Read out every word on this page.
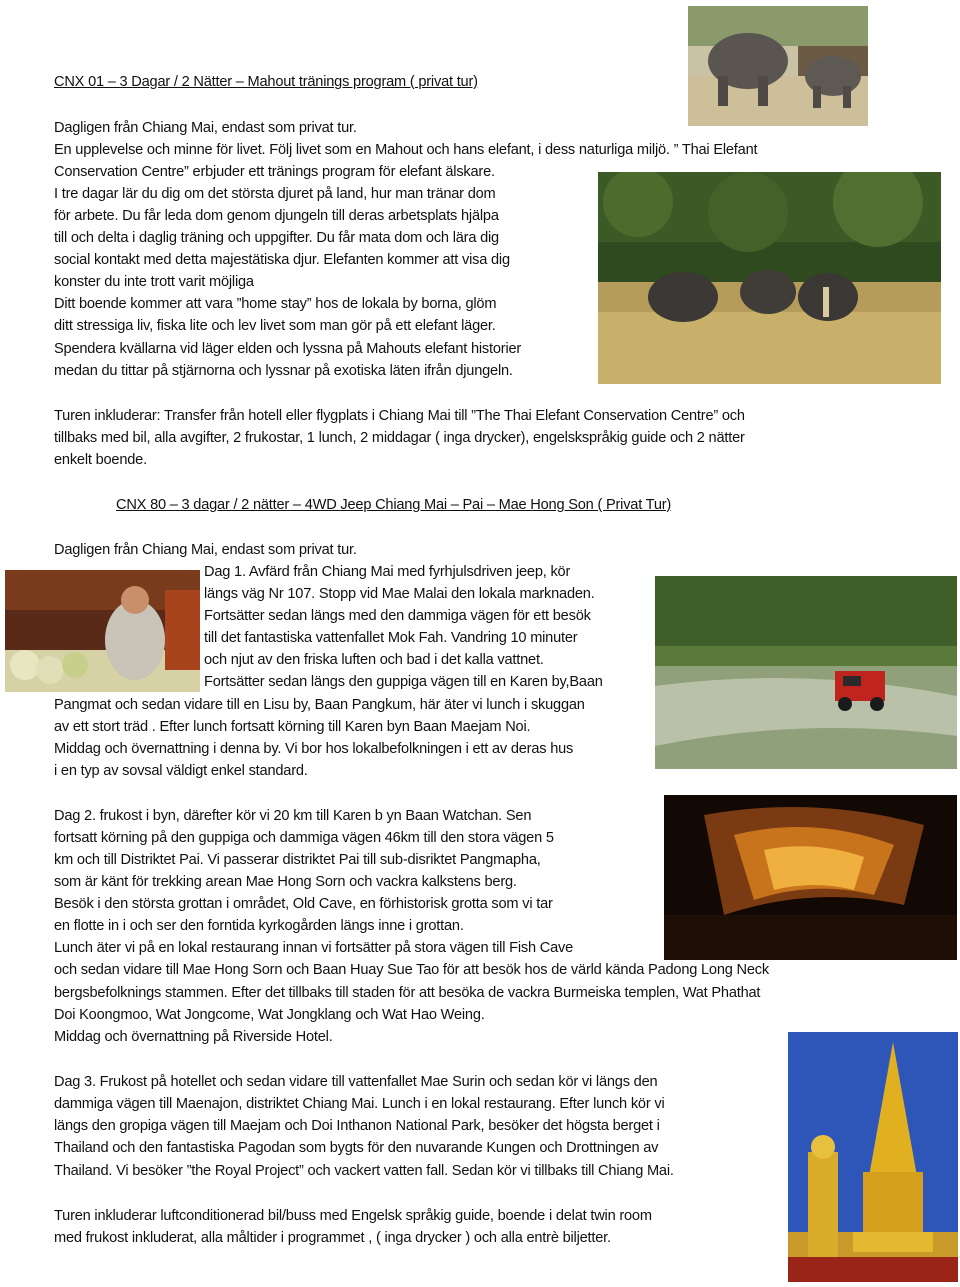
CNX 01 – 3 Dagar / 2 Nätter – Mahout tränings program ( privat tur)
Dagligen från Chiang Mai, endast som privat tur.
En upplevelse och minne för livet. Följ livet som en Mahout och hans elefant, i dess naturliga miljö. ” Thai Elefant
Conservation Centre” erbjuder ett tränings program för elefant älskare.
I tre dagar lär du dig om det största djuret på land, hur man tränar dom
för arbete. Du får leda dom genom djungeln till deras arbetsplats hjälpa
till och delta i daglig träning och uppgifter. Du får mata dom och lära dig
social kontakt med detta majestätiska djur. Elefanten kommer att visa dig
konster du inte trott varit möjliga
Ditt boende kommer att vara ”home stay” hos de lokala by borna, glöm
ditt stressiga liv, fiska lite och lev livet som man gör på ett elefant läger.
Spendera kvällarna vid läger elden och lyssna på Mahouts elefant historier
medan du tittar på stjärnorna och lyssnar på exotiska läten ifrån djungeln.
Turen inkluderar: Transfer från hotell eller flygplats i Chiang Mai till ”The Thai Elefant Conservation Centre” och
tillbaks med bil, alla avgifter, 2 frukostar, 1 lunch, 2 middagar ( inga drycker), engelskspråkig guide och 2 nätter
enkelt boende.
CNX 80 – 3 dagar / 2 nätter – 4WD Jeep Chiang Mai – Pai – Mae Hong Son ( Privat Tur)
Dagligen från Chiang Mai, endast som privat tur.
Dag 1. Avfärd från Chiang Mai med fyrhjulsdriven jeep, kör
längs väg Nr 107. Stopp vid Mae Malai den lokala marknaden.
Fortsätter sedan längs med den dammiga vägen för ett besök
till det fantastiska vattenfallet Mok Fah. Vandring 10 minuter
och njut av den friska luften och bad i det kalla vattnet.
Fortsätter sedan längs den guppiga vägen till en Karen by,Baan
Pangmat och sedan vidare till en Lisu by, Baan Pangkum, här äter vi lunch i skuggan
av ett stort träd . Efter lunch fortsatt körning till Karen byn Baan Maejam Noi.
Middag och övernattning i denna by. Vi bor hos lokalbefolkningen i ett av deras hus
i en typ av sovsal väldigt enkel standard.
Dag 2. frukost i byn, därefter kör vi 20 km till Karen b yn Baan Watchan. Sen
fortsatt körning på den guppiga och dammiga vägen 46km till den stora vägen 5
km och till Distriktet Pai. Vi passerar distriktet Pai till sub-disriktet Pangmapha,
som är känt för trekking arean Mae Hong Sorn och vackra kalkstens berg.
Besök i den största grottan i området, Old Cave, en förhistorisk grotta som vi tar
en flotte in i och ser den forntida kyrkogården längs inne i grottan.
Lunch äter vi på en lokal restaurang innan vi fortsätter på stora vägen till Fish Cave
och sedan vidare till Mae Hong Sorn och Baan Huay Sue Tao för att besök hos de värld kända Padong Long Neck
bergsbefolknings stammen. Efter det tillbaks till staden för att besöka de vackra Burmeiska templen, Wat Phathat
Doi Koongmoo, Wat Jongcome, Wat Jongklang och Wat Hao Weing.
Middag och övernattning på Riverside Hotel.
Dag 3. Frukost på hotellet och sedan vidare till vattenfallet Mae Surin och sedan kör vi längs den
dammiga vägen till Maenajon, distriktet Chiang Mai. Lunch i en lokal restaurang. Efter lunch kör vi
längs den gropiga vägen till Maejam och Doi Inthanon National Park, besöker det högsta berget i
Thailand och den fantastiska Pagodan som bygts för den nuvarande Kungen och Drottningen av
Thailand. Vi besöker ”the Royal Project” och vackert vatten fall. Sedan kör vi tillbaks till Chiang Mai.
Turen inkluderar luftconditionerad bil/buss med Engelsk språkig guide, boende i delat twin room
med frukost inkluderat, alla måltider i programmet , ( inga drycker ) och alla entrè biljetter.
